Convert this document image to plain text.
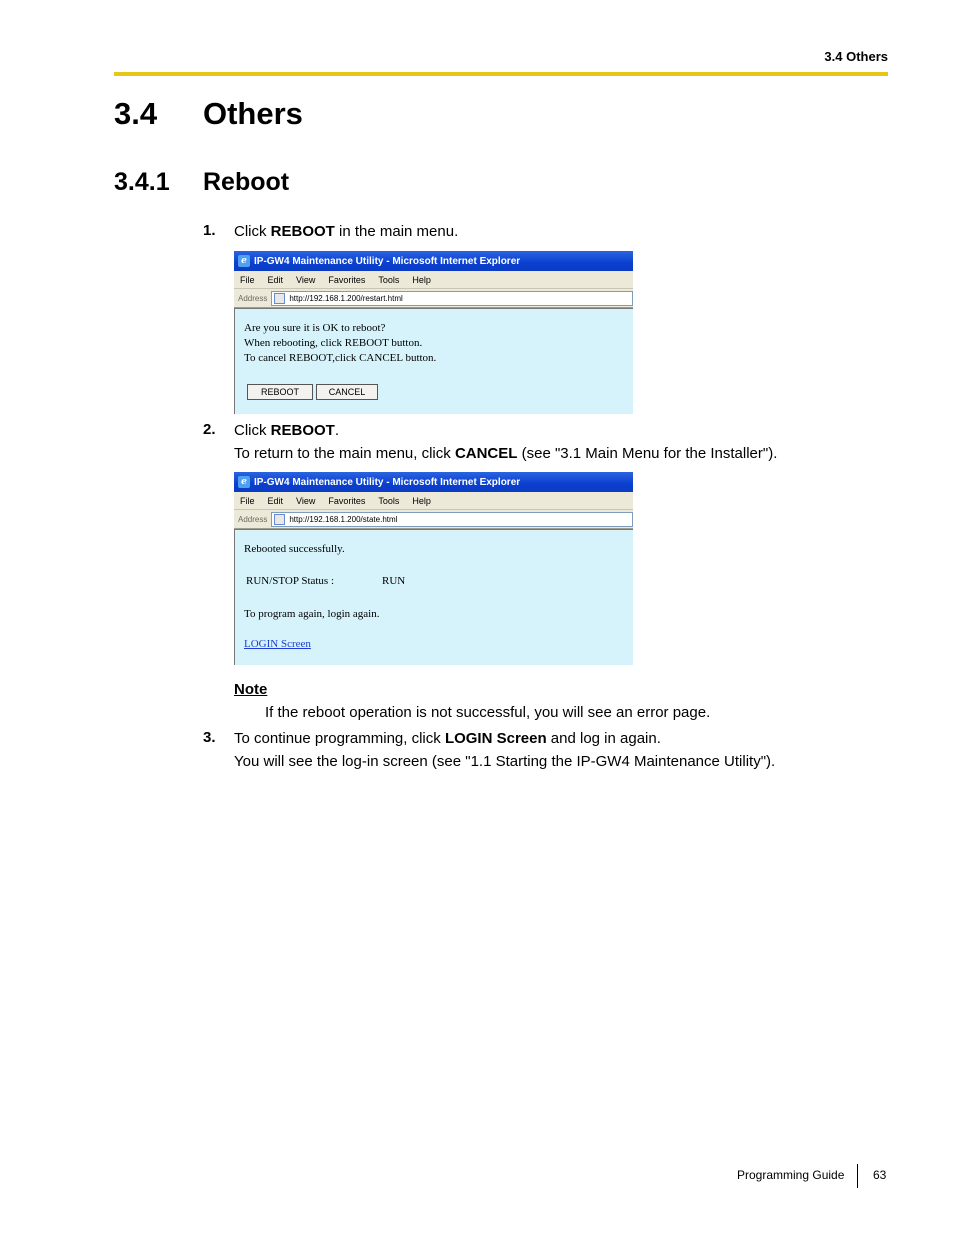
3.4 Others
3.4 Others
3.4.1 Reboot
1. Click REBOOT in the main menu.
e IP-GW4 Maintenance Utility - Microsoft Internet Explorer
File Edit View Favorites Tools Help
Address	http://192.168.1.200/restart.html
Are you sure it is OK to reboot?
When rebooting, click REBOOT button.
To cancel REBOOT,click CANCEL button.
REBOOT	CANCEL
2. Click REBOOT.
To return to the main menu, click CANCEL (see "3.1 Main Menu for the Installer").
e IP-GW4 Maintenance Utility - Microsoft Internet Explorer
File Edit View Favorites Tools Help
Address	http://192.168.1.200/state.html
Rebooted successfully.
RUN/STOP Status :	RUN
To program again, login again.
LOGIN Screen
Note
If the reboot operation is not successful, you will see an error page.
3. To continue programming, click LOGIN Screen and log in again.
You will see the log-in screen (see "1.1 Starting the IP-GW4 Maintenance Utility").
Programming Guide 63
